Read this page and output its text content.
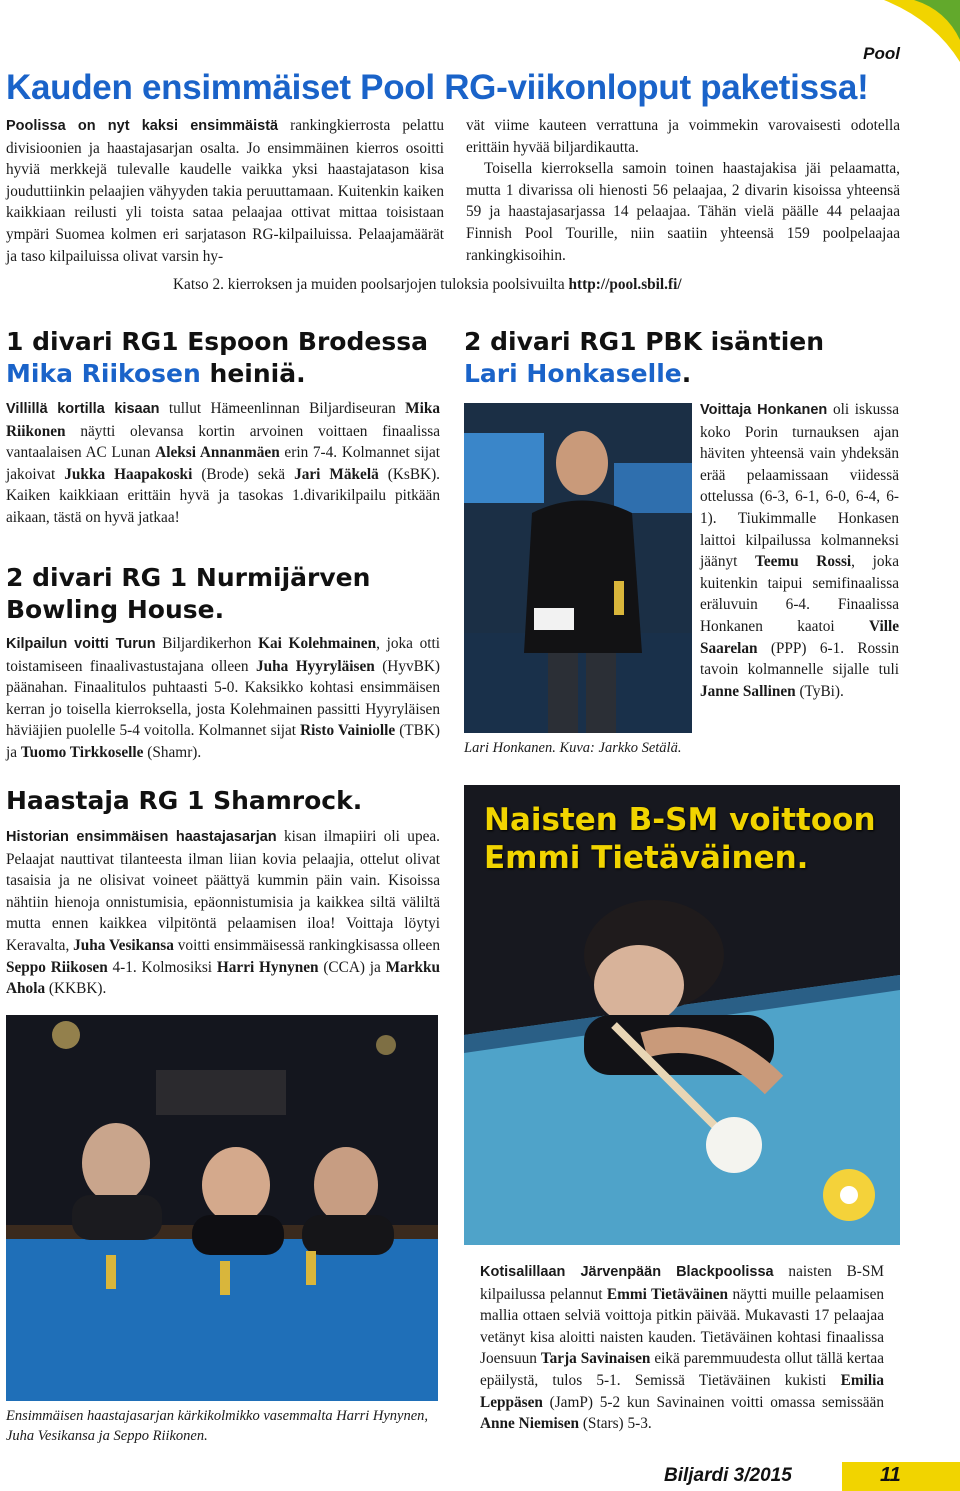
Pool
Kauden ensimmäiset Pool RG-viikonloput paketissa!
Poolissa on nyt kaksi ensimmäistä rankingkierrosta pelattu divisioonien ja haastajasarjan osalta. Jo ensimmäinen kierros osoitti hyviä merkkejä tulevalle kaudelle vaikka yksi haastajatason kisa jouduttiinkin pelaajien vähyyden takia peruuttamaan. Kuitenkin kaiken kaikkiaan reilusti yli toista sataa pelaajaa ottivat mittaa toisistaan ympäri Suomea kolmen eri sarjatason RG-kilpailuissa. Pelaajamäärät ja taso kilpailuissa olivat varsin hy-
vät viime kauteen verrattuna ja voimmekin varovaisesti odotella erittäin hyvää biljardikautta.
Toisella kierroksella samoin toinen haastajakisa jäi pelaamatta, mutta 1 divarissa oli hienosti 56 pelaajaa, 2 divarin kisoissa yhteensä 59 ja haastajasarjassa 14 pelaajaa. Tähän vielä päälle 44 pelaajaa Finnish Pool Tourille, niin saatiin yhteensä 159 poolpelaajaa rankingkisoihin.
Katso 2. kierroksen ja muiden poolsarjojen tuloksia poolsivuilta http://pool.sbil.fi/
1 divari RG1 Espoon Brodessa
Mika Riikosen heiniä.
Villillä kortilla kisaan tullut Hämeenlinnan Biljardiseuran Mika Riikonen näytti olevansa kortin arvoinen voittaen finaalissa vantaalaisen AC Lunan Aleksi Annanmäen erin 7-4. Kolmannet sijat jakoivat Jukka Haapakoski (Brode) sekä Jari Mäkelä (KsBK). Kaiken kaikkiaan erittäin hyvä ja tasokas 1.divarikilpailu pitkään aikaan, tästä on hyvä jatkaa!
2 divari RG 1 Nurmijärven
Bowling House.
Kilpailun voitti Turun Biljardikerhon Kai Kolehmainen, joka otti toistamiseen finaalivastustajana olleen Juha Hyyryläisen (HyvBK) päänahan. Finaalitulos puhtaasti 5-0. Kaksikko kohtasi ensimmäisen kerran jo toisella kierroksella, josta Kolehmainen passitti Hyyryläisen häviäjien puolelle 5-4 voitolla. Kolmannet sijat Risto Vainiolle (TBK) ja Tuomo Tirkkoselle (Shamr).
Haastaja RG 1 Shamrock.
Historian ensimmäisen haastajasarjan kisan ilmapiiri oli upea. Pelaajat nauttivat tilanteesta ilman liian kovia pelaajia, ottelut olivat tasaisia ja ne olisivat voineet päättyä kummin päin vain. Kisoissa nähtiin hienoja onnistumisia, epäonnistumisia ja kaikkea siltä väliltä mutta ennen kaikkea vilpitöntä pelaamisen iloa! Voittaja löytyi Keravalta, Juha Vesikansa voitti ensimmäisessä rankingkisassa olleen Seppo Riikosen 4-1. Kolmosiksi Harri Hynynen (CCA) ja Markku Ahola (KKBK).
Ensimmäisen haastajasarjan kärkikolmikko vasemmalta Harri Hynynen, Juha Vesikansa ja Seppo Riikonen.
2 divari RG1 PBK isäntien
Lari Honkaselle.
Lari Honkanen. Kuva: Jarkko Setälä.
Voittaja Honkanen oli iskussa koko Porin turnauksen ajan häviten yhteensä vain yhdeksän erää pelaamissaan viidessä ottelussa (6-3, 6-1, 6-0, 6-4, 6-1). Tiukimmalle Honkasen laittoi kilpailussa kolmanneksi jäänyt Teemu Rossi, joka kuitenkin taipui semifinaalissa eräluvuin 6-4. Finaalissa Honkanen kaatoi Ville Saarelan (PPP) 6-1. Rossin tavoin kolmannelle sijalle tuli Janne Sallinen (TyBi).
Naisten B-SM voittoon
Emmi Tietäväinen.
Kotisalillaan Järvenpään Blackpoolissa naisten B-SM kilpailussa pelannut Emmi Tietäväinen näytti muille pelaamisen mallia ottaen selviä voittoja pitkin päivää. Mukavasti 17 pelaajaa vetänyt kisa aloitti naisten kauden. Tietäväinen kohtasi finaalissa Joensuun Tarja Savinaisen eikä paremmuudesta ollut tällä kertaa epäilystä, tulos 5-1. Semissä Tietäväinen kukisti Emilia Leppäsen (JamP) 5-2 kun Savinainen voitti omassa semissään Anne Niemisen (Stars) 5-3.
Biljardi 3/2015	11
